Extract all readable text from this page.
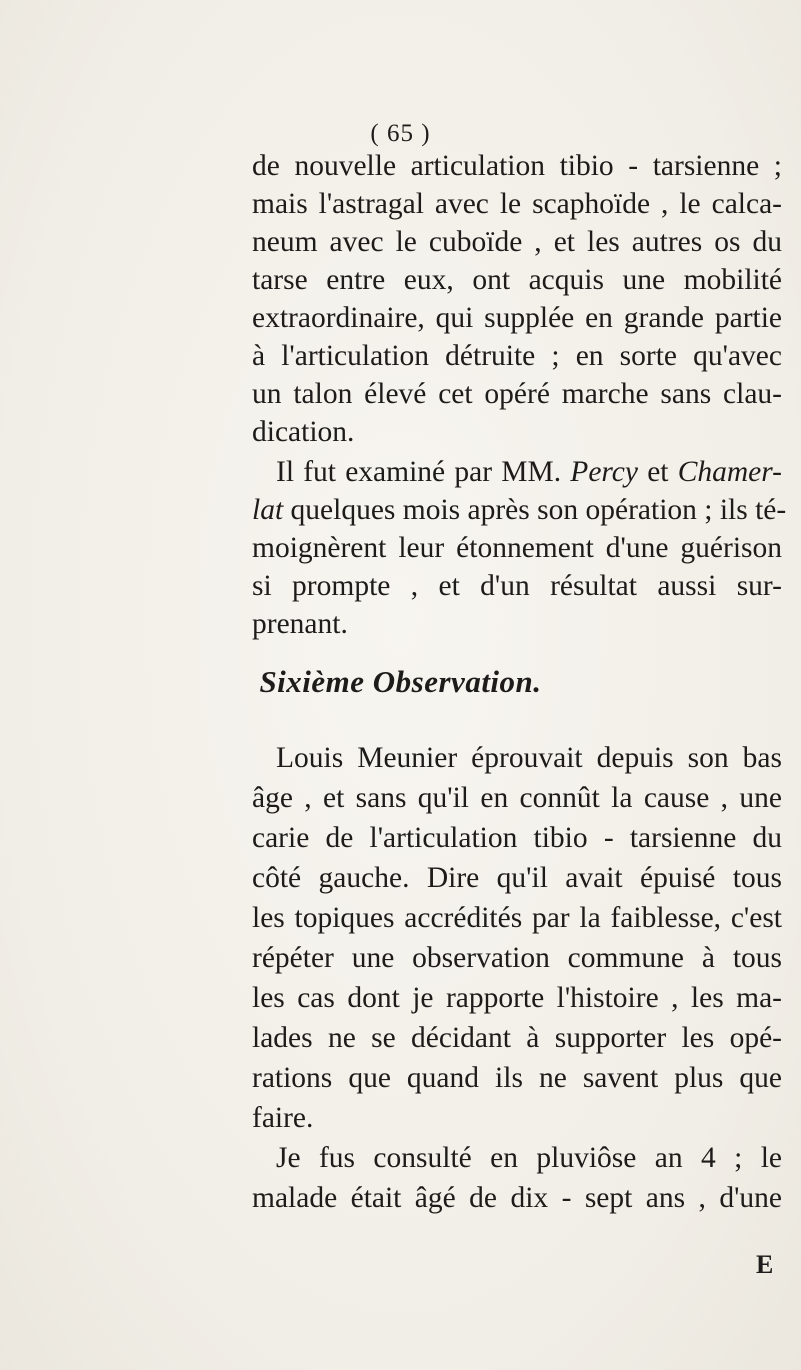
( 65 )
de nouvelle articulation tibio - tarsienne ;
mais l'astragal avec le scaphoïde , le calca-
neum avec le cuboïde , et les autres os du
tarse entre eux, ont acquis une mobilité
extraordinaire, qui supplée en grande partie
à l'articulation détruite ; en sorte qu'avec
un talon élevé cet opéré marche sans clau-
dication.
Il fut examiné par MM. Percy et Chamer-
lat quelques mois après son opération ; ils té-
moignèrent leur étonnement d'une guérison
si prompte , et d'un résultat aussi sur-
prenant.
Sixième Observation.
Louis Meunier éprouvait depuis son bas
âge , et sans qu'il en connût la cause , une
carie de l'articulation tibio - tarsienne du
côté gauche. Dire qu'il avait épuisé tous
les topiques accrédités par la faiblesse, c'est
répéter une observation commune à tous
les cas dont je rapporte l'histoire , les ma-
lades ne se décidant à supporter les opé-
rations que quand ils ne savent plus que
faire.
Je fus consulté en pluviôse an 4 ; le
malade était âgé de dix - sept ans , d'une
E
